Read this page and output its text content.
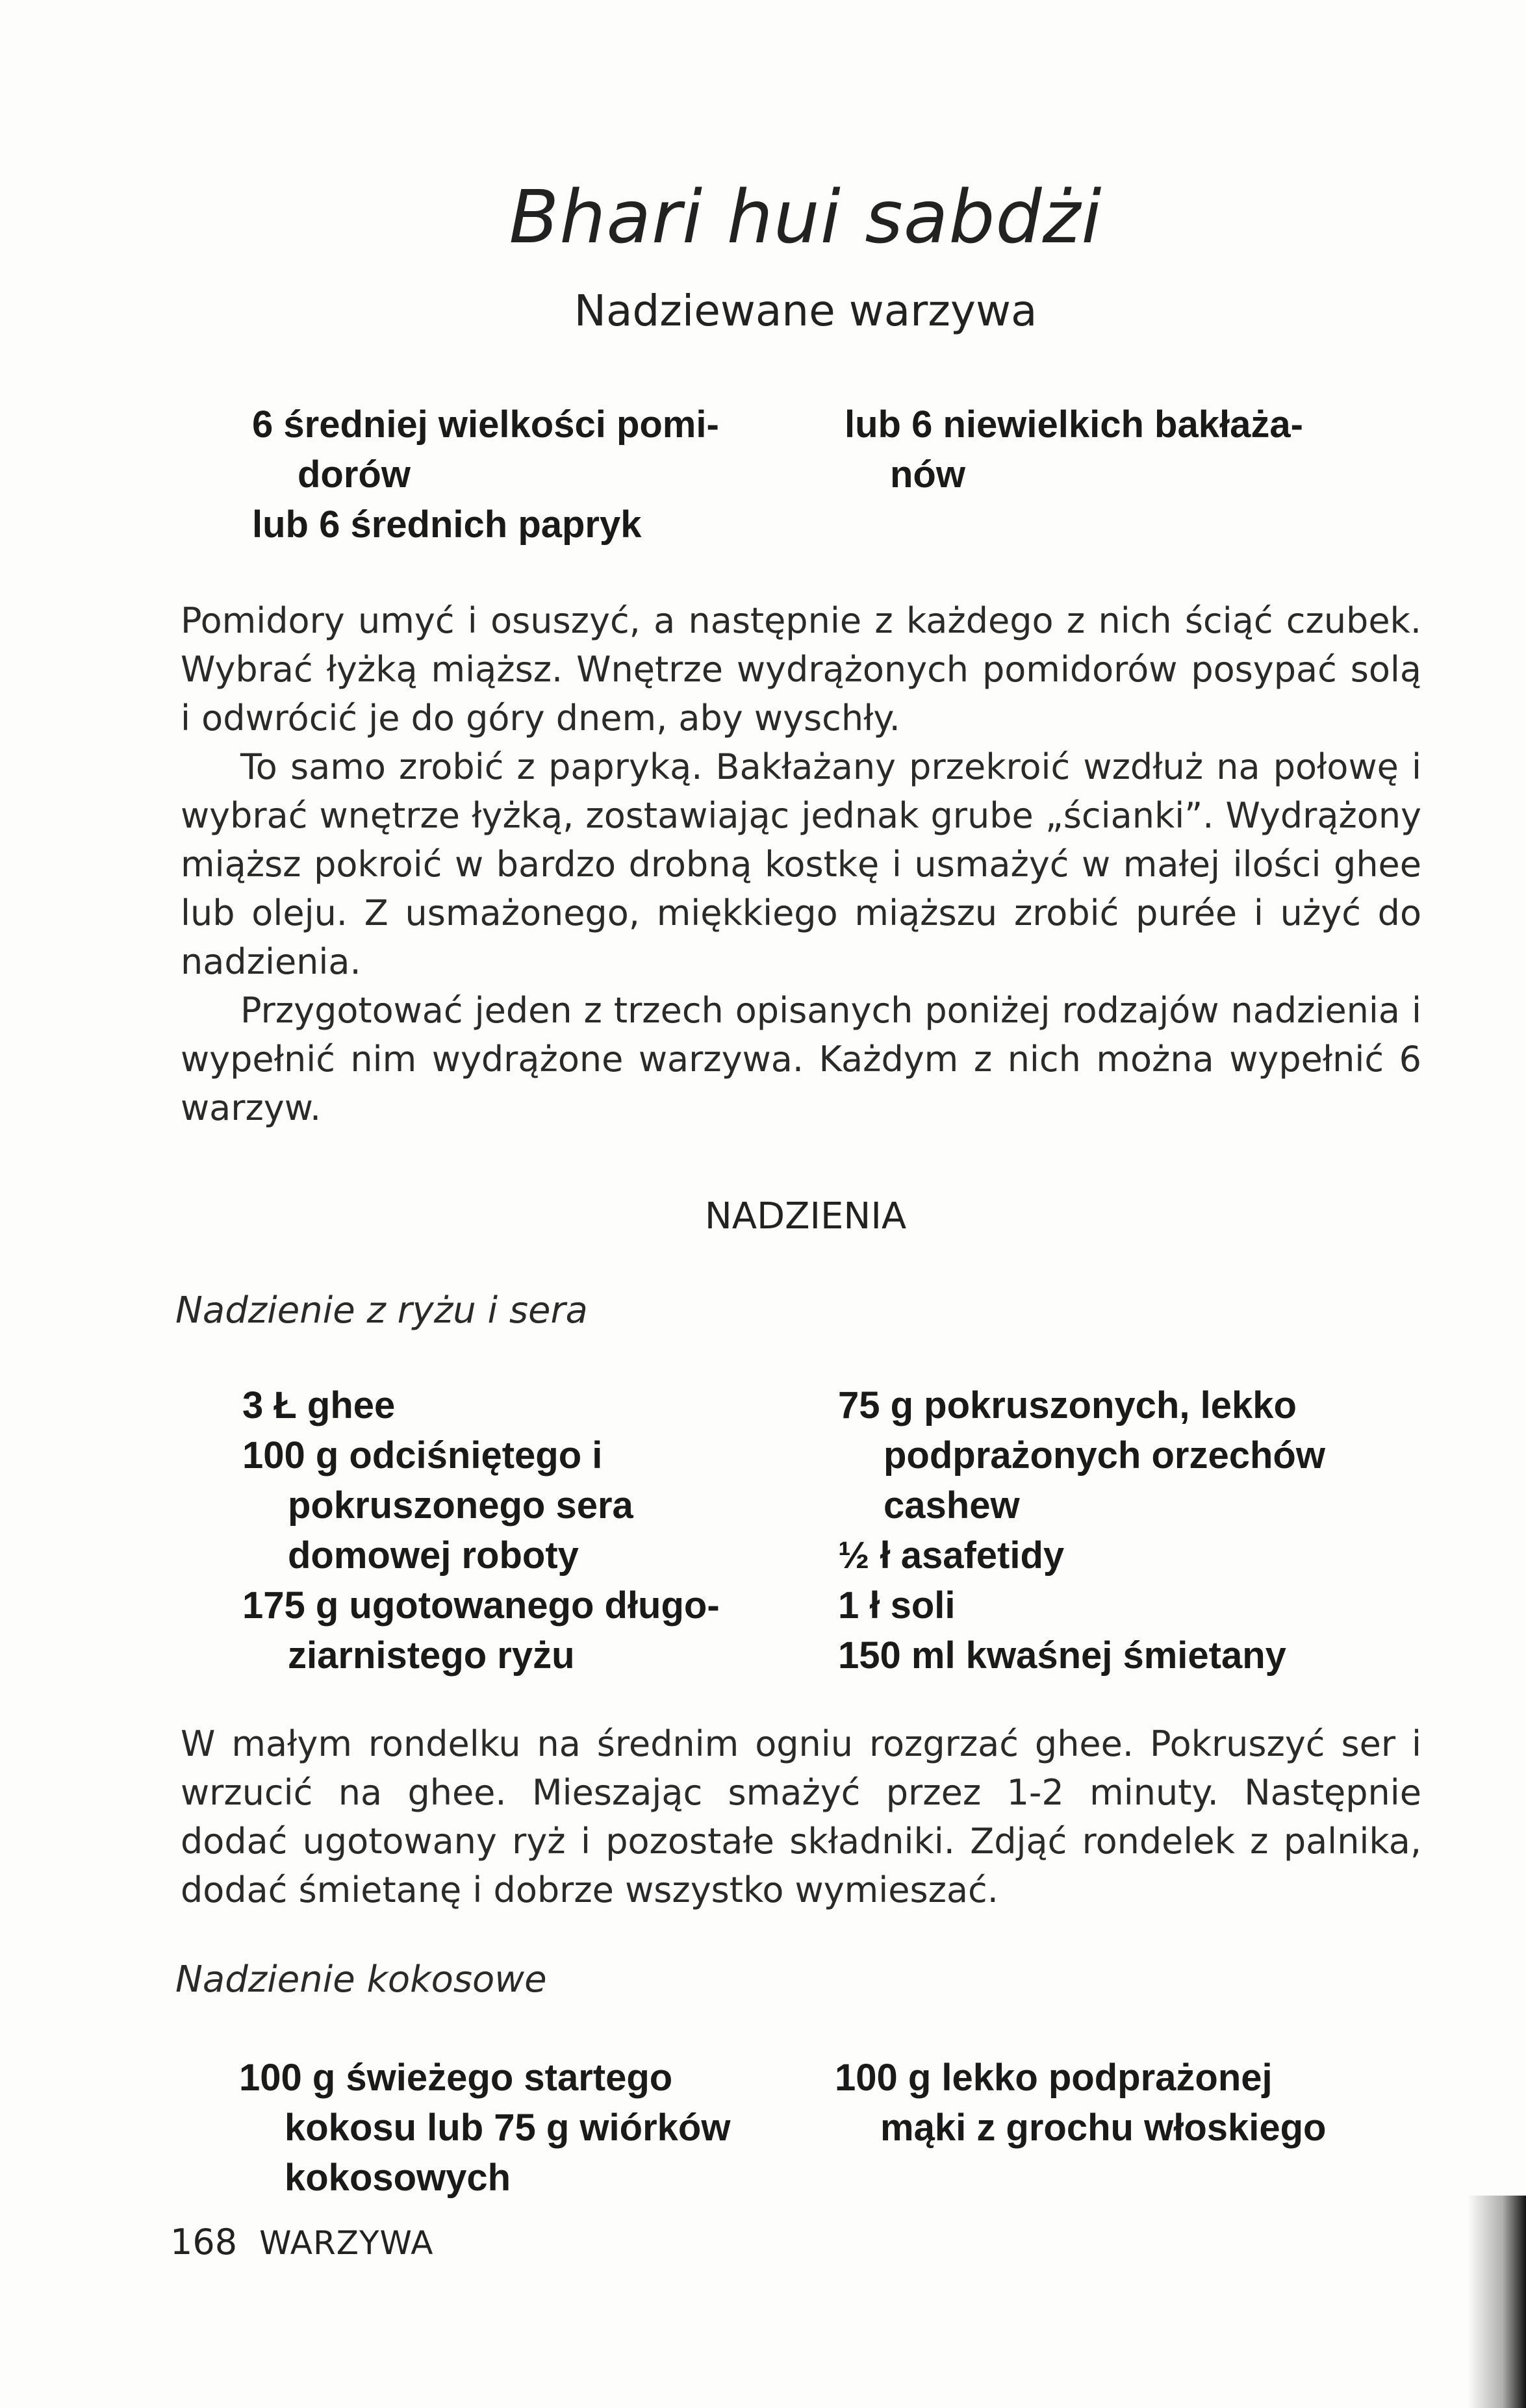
Bhari hui sabdżi
Nadziewane warzywa
6 średniej wielkości pomi-
dorów
lub 6 średnich papryk
lub 6 niewielkich bakłaża-
nów

Pomidory umyć i osuszyć, a następnie z każdego z nich ściąć czubek. Wybrać łyżką miąższ. Wnętrze wydrążonych pomidorów posypać solą i odwrócić je do góry dnem, aby wyschły.

To samo zrobić z papryką. Bakłażany przekroić wzdłuż na połowę i wybrać wnętrze łyżką, zostawiając jednak grube „ścianki”. Wydrążony miąższ pokroić w bardzo drobną kostkę i usmażyć w małej ilości ghee lub oleju. Z usmażonego, miękkiego miąższu zrobić purée i użyć do nadzienia.

Przygotować jeden z trzech opisanych poniżej rodzajów nadzienia i wypełnić nim wydrążone warzywa. Każdym z nich można wypełnić 6 warzyw.

NADZIENIA
Nadzienie z ryżu i sera
3 Ł ghee
100 g odciśniętego i pokruszonego sera domowej roboty
175 g ugotowanego długo-
ziarnistego ryżu
75 g pokruszonych, lekko podprażonych orzechów cashew
½ ł asafetidy
1 ł soli
150 ml kwaśnej śmietany

W małym rondelku na średnim ogniu rozgrzać ghee. Pokruszyć ser i wrzucić na ghee. Mieszając smażyć przez 1-2 minuty. Następnie dodać ugotowany ryż i pozostałe składniki. Zdjąć rondelek z palnika, dodać śmietanę i dobrze wszystko wymieszać.

Nadzienie kokosowe
100 g świeżego startego kokosu lub 75 g wiórków kokosowych
100 g lekko podprażonej mąki z grochu włoskiego
168 WARZYWA
